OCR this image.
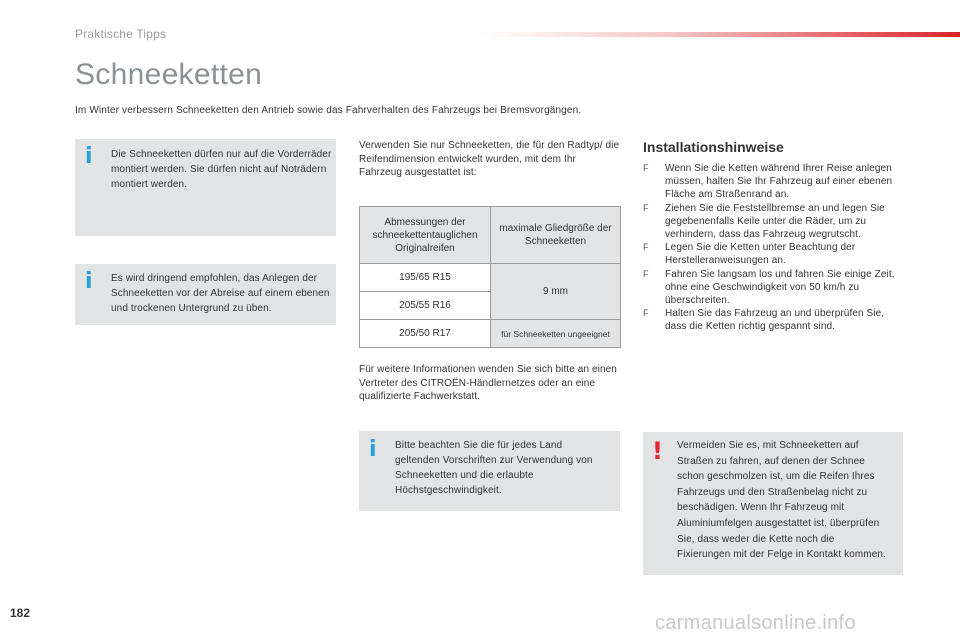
Praktische Tipps
Schneeketten
Im Winter verbessern Schneeketten den Antrieb sowie das Fahrverhalten des Fahrzeugs bei Bremsvorgängen.
i Die Schneeketten dürfen nur auf die Vorderräder montiert werden. Sie dürfen nicht auf Noträdern montiert werden.

i Es wird dringend empfohlen, das Anlegen der Schneeketten vor der Abreise auf einem ebenen und trockenen Untergrund zu üben.

Verwenden Sie nur Schneeketten, die für den Radtyp/ die Reifendimension entwickelt wurden, mit dem Ihr Fahrzeug ausgestattet ist:

Abmessungen der schneekettentauglichen Originalreifen	maximale Gliedgröße der Schneeketten
195/65 R15	9 mm
205/55 R16	
205/50 R17	für Schneeketten ungeeignet

Für weitere Informationen wenden Sie sich bitte an einen Vertreter des CITROËN-Händlernetzes oder an eine qualifizierte Fachwerkstatt.

i Bitte beachten Sie die für jedes Land geltenden Vorschriften zur Verwendung von Schneeketten und die erlaubte Höchstgeschwindigkeit.

Installationshinweise
F Wenn Sie die Ketten während Ihrer Reise anlegen müssen, halten Sie Ihr Fahrzeug auf einer ebenen Fläche am Straßenrand an.
F Ziehen Sie die Feststellbremse an und legen Sie gegebenenfalls Keile unter die Räder, um zu verhindern, dass das Fahrzeug wegrutscht.
F Legen Sie die Ketten unter Beachtung der Herstelleranweisungen an.
F Fahren Sie langsam los und fahren Sie einige Zeit, ohne eine Geschwindigkeit von 50 km/h zu überschreiten.
F Halten Sie das Fahrzeug an und überprüfen Sie, dass die Ketten richtig gespannt sind.
! Vermeiden Sie es, mit Schneeketten auf Straßen zu fahren, auf denen der Schnee schon geschmolzen ist, um die Reifen Ihres Fahrzeugs und den Straßenbelag nicht zu beschädigen. Wenn Ihr Fahrzeug mit Aluminiumfelgen ausgestattet ist, überprüfen Sie, dass weder die Kette noch die Fixierungen mit der Felge in Kontakt kommen.

182	carmanualsonline.info
